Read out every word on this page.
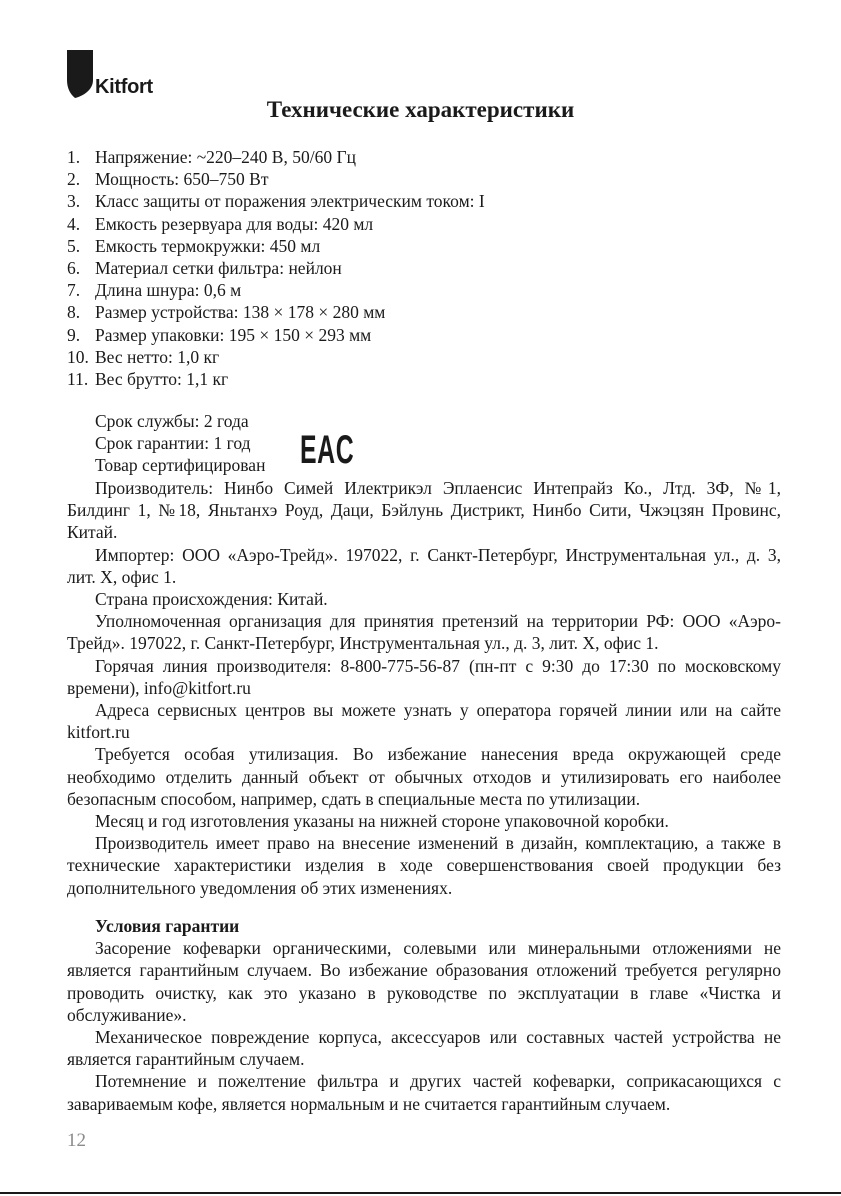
Kitfort
Технические характеристики
1. Напряжение: ~220–240 В, 50/60 Гц
2. Мощность: 650–750 Вт
3. Класс защиты от поражения электрическим током: I
4. Емкость резервуара для воды: 420 мл
5. Емкость термокружки: 450 мл
6. Материал сетки фильтра: нейлон
7. Длина шнура: 0,6 м
8. Размер устройства: 138 × 178 × 280 мм
9. Размер упаковки: 195 × 150 × 293 мм
10. Вес нетто: 1,0 кг
11. Вес брутто: 1,1 кг
Срок службы: 2 года
Срок гарантии: 1 год
Товар сертифицирован EAC

Производитель: Нинбо Симей Илектрикэл Эплаенсис Интепрайз Ко., Лтд. 3Ф, №1, Билдинг 1, №18, Яньтанхэ Роуд, Даци, Бэйлунь Дистрикт, Нинбо Сити, Чжэцзян Провинс, Китай.

Импортер: ООО «Аэро-Трейд». 197022, г. Санкт-Петербург, Инструментальная ул., д. 3, лит. Х, офис 1.

Страна происхождения: Китай.

Уполномоченная организация для принятия претензий на территории РФ: ООО «Аэро-Трейд». 197022, г. Санкт-Петербург, Инструментальная ул., д. 3, лит. Х, офис 1.

Горячая линия производителя: 8-800-775-56-87 (пн-пт с 9:30 до 17:30 по московскому времени), info@kitfort.ru

Адреса сервисных центров вы можете узнать у оператора горячей линии или на сайте kitfort.ru

Требуется особая утилизация. Во избежание нанесения вреда окружающей среде необходимо отделить данный объект от обычных отходов и утилизировать его наиболее безопасным способом, например, сдать в специальные места по утилизации.

Месяц и год изготовления указаны на нижней стороне упаковочной коробки.

Производитель имеет право на внесение изменений в дизайн, комплектацию, а также в технические характеристики изделия в ходе совершенствования своей продукции без дополнительного уведомления об этих изменениях.

Условия гарантии

Засорение кофеварки органическими, солевыми или минеральными отложениями не является гарантийным случаем. Во избежание образования отложений требуется регулярно проводить очистку, как это указано в руководстве по эксплуатации в главе «Чистка и обслуживание».

Механическое повреждение корпуса, аксессуаров или составных частей устройства не является гарантийным случаем.

Потемнение и пожелтение фильтра и других частей кофеварки, соприкасающихся с завариваемым кофе, является нормальным и не считается гарантийным случаем.

12
